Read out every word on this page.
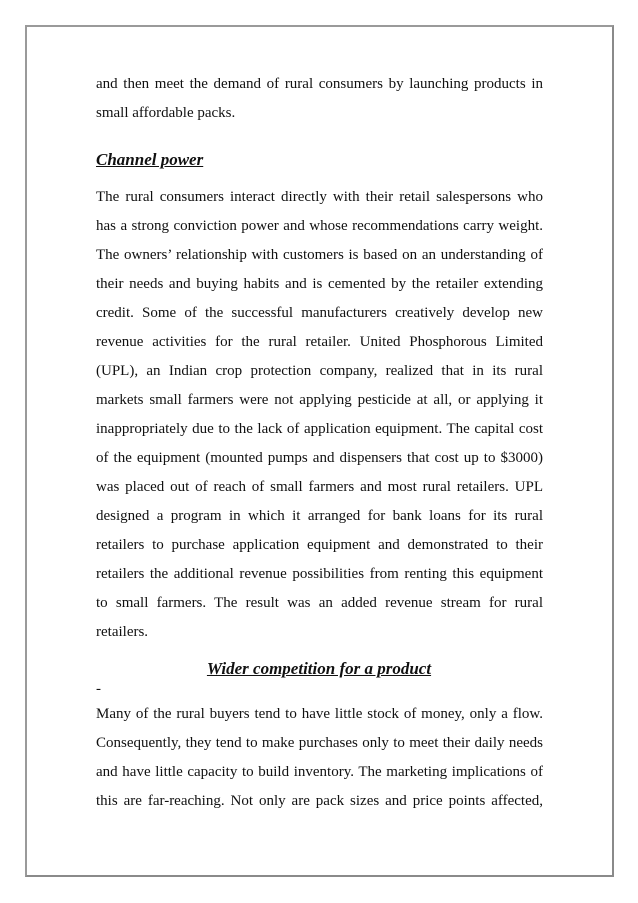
and then meet the demand of rural consumers by launching products in
small affordable packs.
Channel power
The rural consumers interact directly with their retail salespersons who
has a strong conviction power and whose recommendations carry weight.
The owners’ relationship with customers is based on an understanding of
their needs and buying habits and is cemented by the retailer extending
credit. Some of the successful manufacturers creatively develop new
revenue activities for the rural retailer. United Phosphorous Limited
(UPL), an Indian crop protection company, realized that in its rural
markets small farmers were not applying pesticide at all, or applying it
inappropriately due to the lack of application equipment. The capital cost
of the equipment (mounted pumps and dispensers that cost up to $3000)
was placed out of reach of small farmers and most rural retailers. UPL
designed a program in which it arranged for bank loans for its rural
retailers to purchase application equipment and demonstrated to their
retailers the additional revenue possibilities from renting this equipment
to small farmers. The result was an added revenue stream for rural
retailers.
Wider competition for a product
-
Many of the rural buyers tend to have little stock of money, only a flow.
Consequently, they tend to make purchases only to meet their daily needs
and have little capacity to build inventory. The marketing implications of
this are far-reaching. Not only are pack sizes and price points affected,
